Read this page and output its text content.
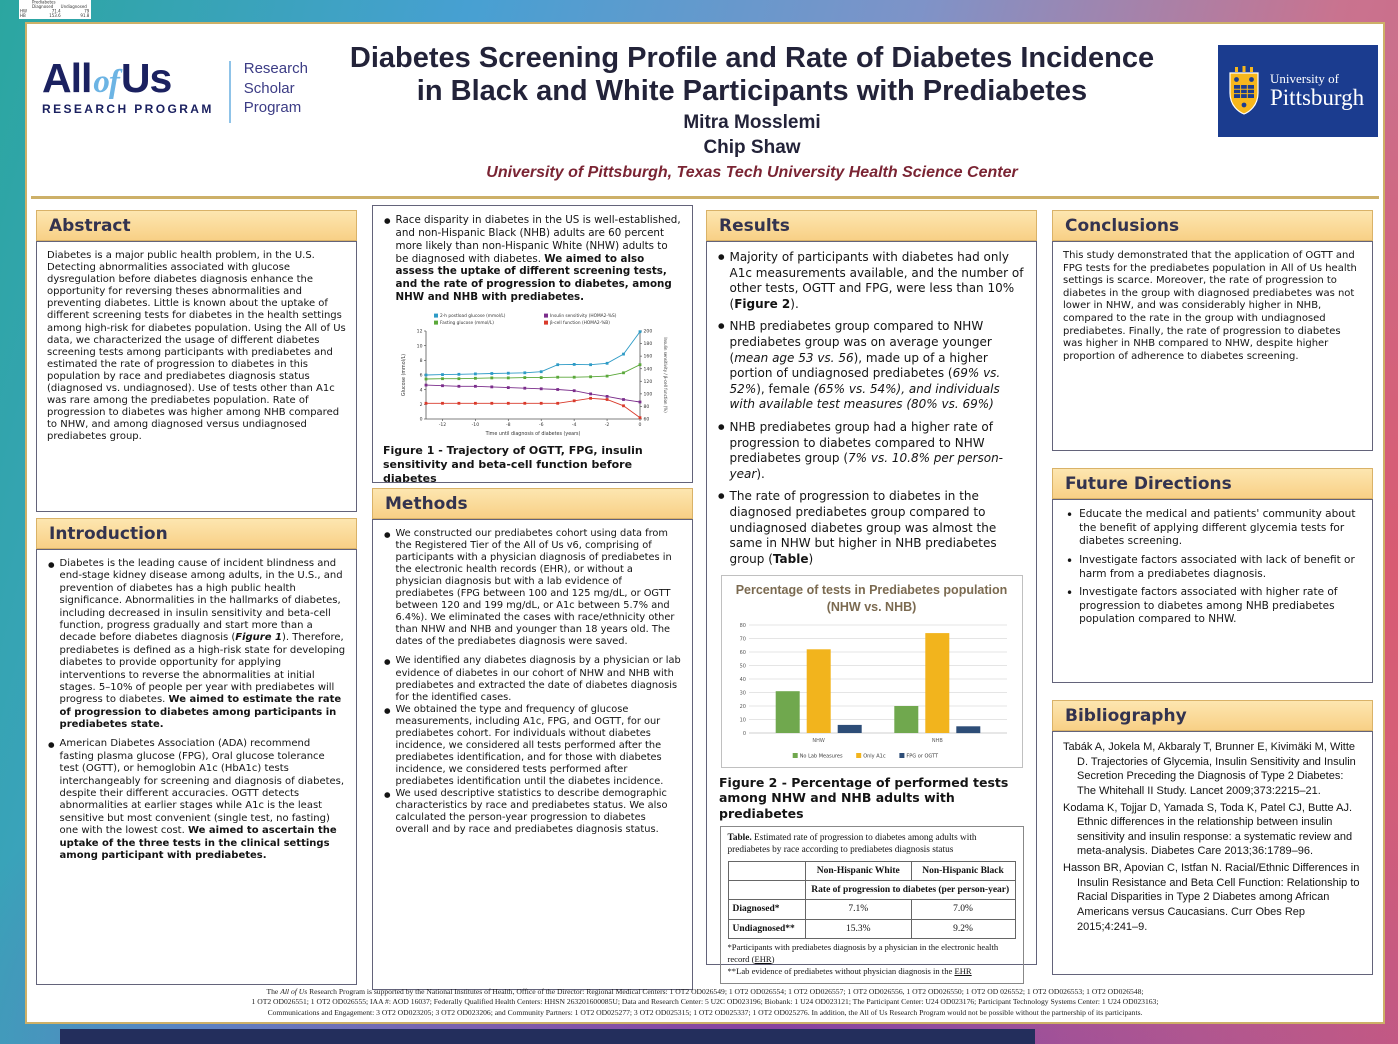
Prediabetes
Diagnosed Undiagnosed
HW	71.4	79
HB	153.6	91.8
AllofUs
RESEARCH PROGRAM
Research
Scholar
Program
Diabetes Screening Profile and Rate of Diabetes Incidence
in Black and White Participants with Prediabetes
Mitra Mosslemi
Chip Shaw
University of Pittsburgh, Texas Tech University Health Science Center
University of
Pittsburgh
Abstract

Diabetes is a major public health problem, in the U.S. Detecting abnormalities associated with glucose dysregulation before diabetes diagnosis enhance the opportunity for reversing theses abnormalities and preventing diabetes. Little is known about the uptake of different screening tests for diabetes in the health settings among high-risk for diabetes population. Using the All of Us data, we characterized the usage of different diabetes screening tests among participants with prediabetes and estimated the rate of progression to diabetes in this population by race and prediabetes diagnosis status (diagnosed vs. undiagnosed). Use of tests other than A1c was rare among the prediabetes population. Rate of progression to diabetes was higher among NHB compared to NHW, and among diagnosed versus undiagnosed prediabetes group.

Introduction
● Diabetes is the leading cause of incident blindness and end-stage kidney disease among adults, in the U.S., and prevention of diabetes has a high public health significance. Abnormalities in the hallmarks of diabetes, including decreased in insulin sensitivity and beta-cell function, progress gradually and start more than a decade before diabetes diagnosis (Figure 1). Therefore, prediabetes is defined as a high-risk state for developing diabetes to provide opportunity for applying interventions to reverse the abnormalities at initial stages. 5–10% of people per year with prediabetes will progress to diabetes. We aimed to estimate the rate of progression to diabetes among participants in prediabetes state.
● American Diabetes Association (ADA) recommend fasting plasma glucose (FPG), Oral glucose tolerance test (OGTT), or hemoglobin A1c (HbA1c) tests interchangeably for screening and diagnosis of diabetes, despite their different accuracies. OGTT detects abnormalities at earlier stages while A1c is the least sensitive but most convenient (single test, no fasting) one with the lowest cost. We aimed to ascertain the uptake of the three tests in the clinical settings among participant with prediabetes.
● Race disparity in diabetes in the US is well-established, and non-Hispanic Black (NHB) adults are 60 percent more likely than non-Hispanic White (NHW) adults to be diagnosed with diabetes. We aimed to also assess the uptake of different screening tests, and the rate of progression to diabetes, among NHW and NHB with prediabetes.
0
2
4
6
8
10
12
60
80
100
120
140
160
180
200
-12	-10	-8	-6	-4	-2	0
Time until diagnosis of diabetes (years)
Glucose (mmol/L)	Insulin sensitivity / β-cell function (%)
2-h postload glucose (mmol/L)	Insulin sensitivity (HOMA2-%S)
Fasting glucose (mmol/L)	β-cell function (HOMA2-%B)
Figure 1 - Trajectory of OGTT, FPG, insulin sensitivity and beta-cell function before diabetes
Methods
● We constructed our prediabetes cohort using data from the Registered Tier of the All of Us v6, comprising of participants with a physician diagnosis of prediabetes in the electronic health records (EHR), or without a physician diagnosis but with a lab evidence of prediabetes (FPG between 100 and 125 mg/dL, or OGTT between 120 and 199 mg/dL, or A1c between 5.7% and 6.4%). We eliminated the cases with race/ethnicity other than NHW and NHB and younger than 18 years old. The dates of the prediabetes diagnosis were saved.
● We identified any diabetes diagnosis by a physician or lab evidence of diabetes in our cohort of NHW and NHB with prediabetes and extracted the date of diabetes diagnosis for the identified cases.
● We obtained the type and frequency of glucose measurements, including A1c, FPG, and OGTT, for our prediabetes cohort. For individuals without diabetes incidence, we considered all tests performed after the prediabetes identification, and for those with diabetes incidence, we considered tests performed after prediabetes identification until the diabetes incidence.
● We used descriptive statistics to describe demographic characteristics by race and prediabetes status. We also calculated the person-year progression to diabetes overall and by race and prediabetes diagnosis status.
Results
● Majority of participants with diabetes had only A1c measurements available, and the number of other tests, OGTT and FPG, were less than 10% (Figure 2).
● NHB prediabetes group compared to NHW prediabetes group was on average younger (mean age 53 vs. 56), made up of a higher portion of undiagnosed prediabetes (69% vs. 52%), female (65% vs. 54%), and individuals with available test measures (80% vs. 69%)
● NHB prediabetes group had a higher rate of progression to diabetes compared to NHW prediabetes group (7% vs. 10.8% per person-year).
● The rate of progression to diabetes in the diagnosed prediabetes group compared to undiagnosed diabetes group was almost the same in NHW but higher in NHB prediabetes group (Table)
Percentage of tests in Prediabetes population
(NHW vs. NHB)
0
10
20
30
40
50
60
70
80
NHW	NHB
No Lab Measures	Only A1c	FPG or OGTT
Figure 2 - Percentage of performed tests among NHW and NHB adults with prediabetes
Table. Estimated rate of progression to diabetes among adults with prediabetes by race according to prediabetes diagnosis status
	Non-Hispanic White	Non-Hispanic Black
	Rate of progression to diabetes (per person-year)	
Diagnosed*	7.1%	7.0%
Undiagnosed**	15.3%	9.2%
*Participants with prediabetes diagnosis by a physician in the electronic health record (EHR)
**Lab evidence of prediabetes without physician diagnosis in the EHR
Conclusions

This study demonstrated that the application of OGTT and FPG tests for the prediabetes population in All of Us health settings is scarce. Moreover, the rate of progression to diabetes in the group with diagnosed prediabetes was not lower in NHW, and was considerably higher in NHB, compared to the rate in the group with undiagnosed prediabetes. Finally, the rate of progression to diabetes was higher in NHB compared to NHW, despite higher proportion of adherence to diabetes screening.

Future Directions
• Educate the medical and patients' community about the benefit of applying different glycemia tests for diabetes screening.
• Investigate factors associated with lack of benefit or harm from a prediabetes diagnosis.
• Investigate factors associated with higher rate of progression to diabetes among NHB prediabetes population compared to NHW.
Bibliography
Tabák A, Jokela M, Akbaraly T, Brunner E, Kivimäki M, Witte D. Trajectories of Glycemia, Insulin Sensitivity and Insulin Secretion Preceding the Diagnosis of Type 2 Diabetes: The Whitehall II Study. Lancet 2009;373:2215–21.
Kodama K, Tojjar D, Yamada S, Toda K, Patel CJ, Butte AJ. Ethnic differences in the relationship between insulin sensitivity and insulin response: a systematic review and meta-analysis. Diabetes Care 2013;36:1789–96.
Hasson BR, Apovian C, Istfan N. Racial/Ethnic Differences in Insulin Resistance and Beta Cell Function: Relationship to Racial Disparities in Type 2 Diabetes among African Americans versus Caucasians. Curr Obes Rep 2015;4:241–9.
The All of Us Research Program is supported by the National Institutes of Health, Office of the Director: Regional Medical Centers: 1 OT2 OD026549; 1 OT2 OD026554; 1 OT2 OD026557; 1 OT2 OD026556, 1 OT2 OD026550; 1 OT2 OD 026552; 1 OT2 OD026553; 1 OT2 OD026548;
1 OT2 OD026551; 1 OT2 OD026555; IAA #: AOD 16037; Federally Qualified Health Centers: HHSN 263201600085U; Data and Research Center: 5 U2C OD023196; Biobank: 1 U24 OD023121; The Participant Center: U24 OD023176; Participant Technology Systems Center: 1 U24 OD023163;
Communications and Engagement: 3 OT2 OD023205; 3 OT2 OD023206; and Community Partners: 1 OT2 OD025277; 3 OT2 OD025315; 1 OT2 OD025337; 1 OT2 OD025276. In addition, the All of Us Research Program would not be possible without the partnership of its participants.
